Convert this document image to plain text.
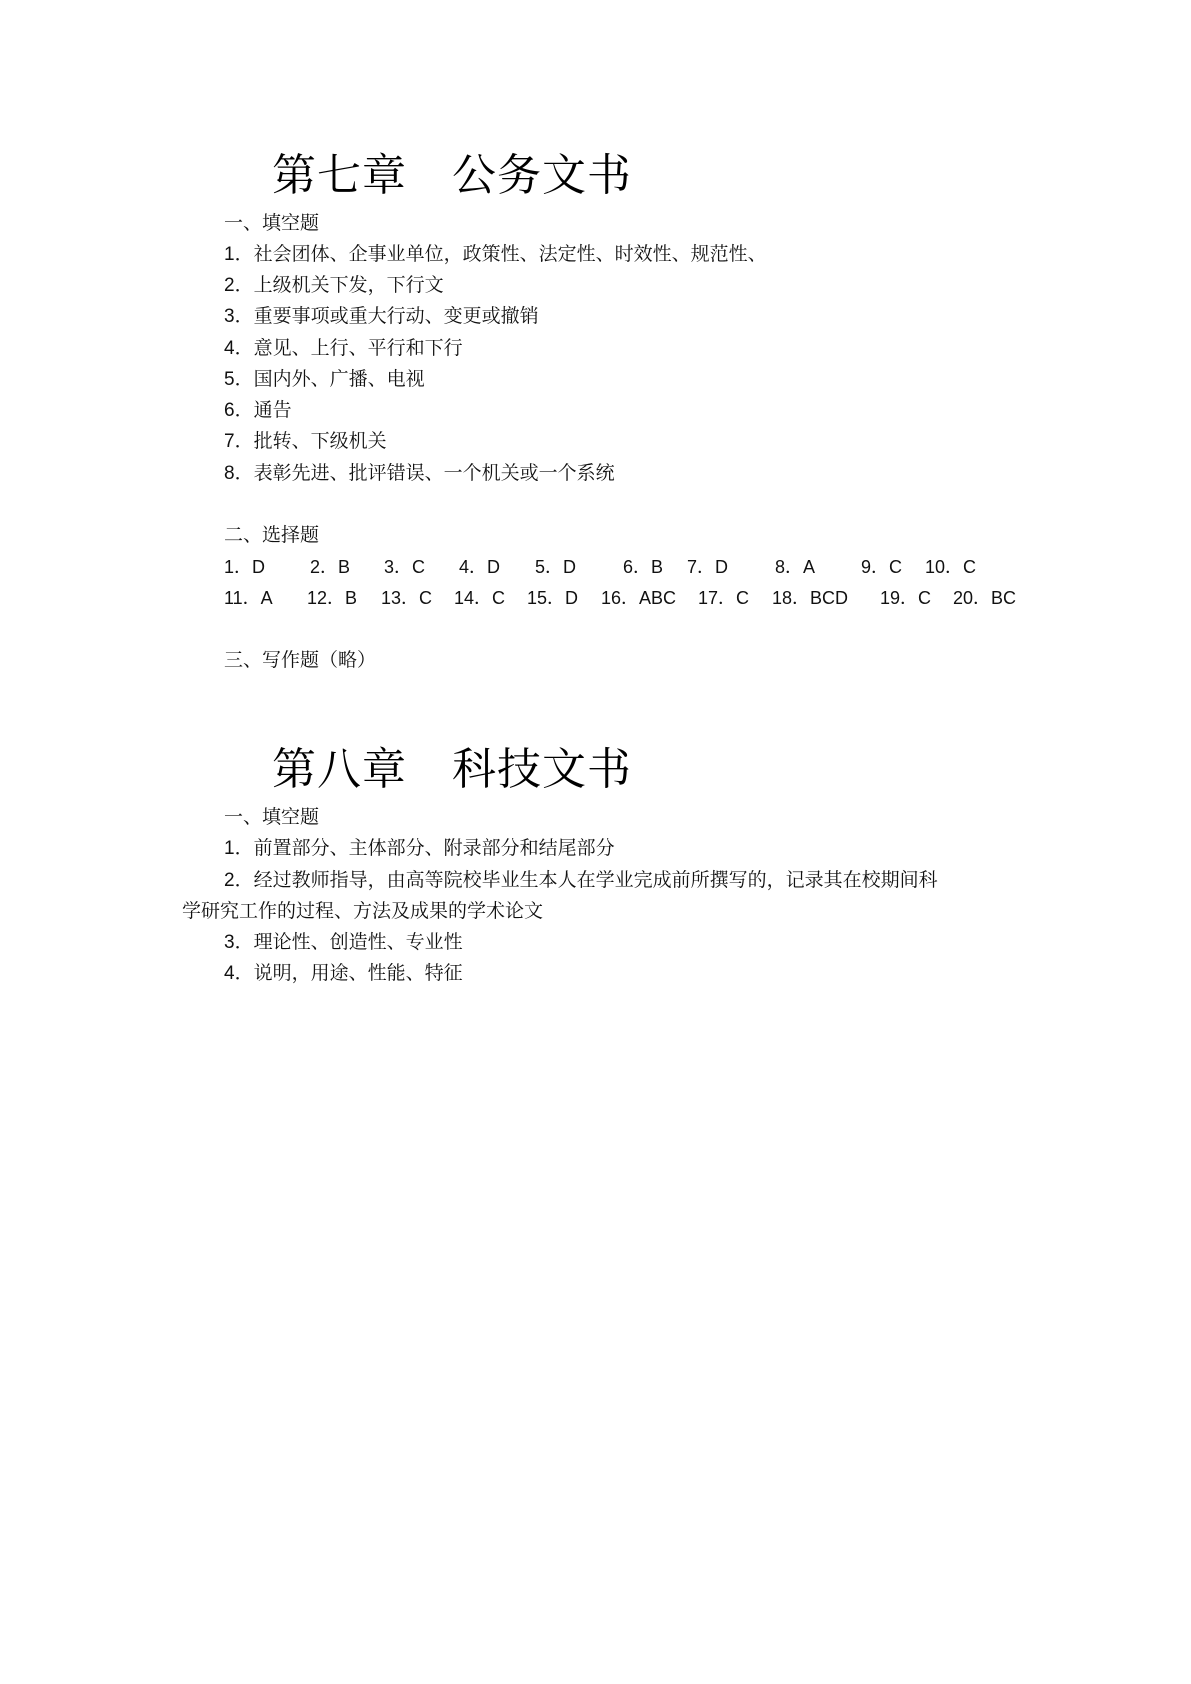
第七章　公务文书
一、填空题
1．社会团体、企事业单位，政策性、法定性、时效性、规范性、
2．上级机关下发，下行文
3．重要事项或重大行动、变更或撤销
4．意见、上行、平行和下行
5．国内外、广播、电视
6．通告
7．批转、下级机关
8．表彰先进、批评错误、一个机关或一个系统
二、选择题
1．D 2．B 3．C 4．D 5．D	6．B 7．D	8．A	9．C 10．C
11．A 12．B 13．C 14．C 15．D 16．ABC 17．C 18．BCD 19．C 20．BC
三、写作题（略）
第八章　科技文书
一、填空题
1．前置部分、主体部分、附录部分和结尾部分
2．经过教师指导，由高等院校毕业生本人在学业完成前所撰写的，记录其在校期间科
学研究工作的过程、方法及成果的学术论文
3．理论性、创造性、专业性
4．说明，用途、性能、特征
